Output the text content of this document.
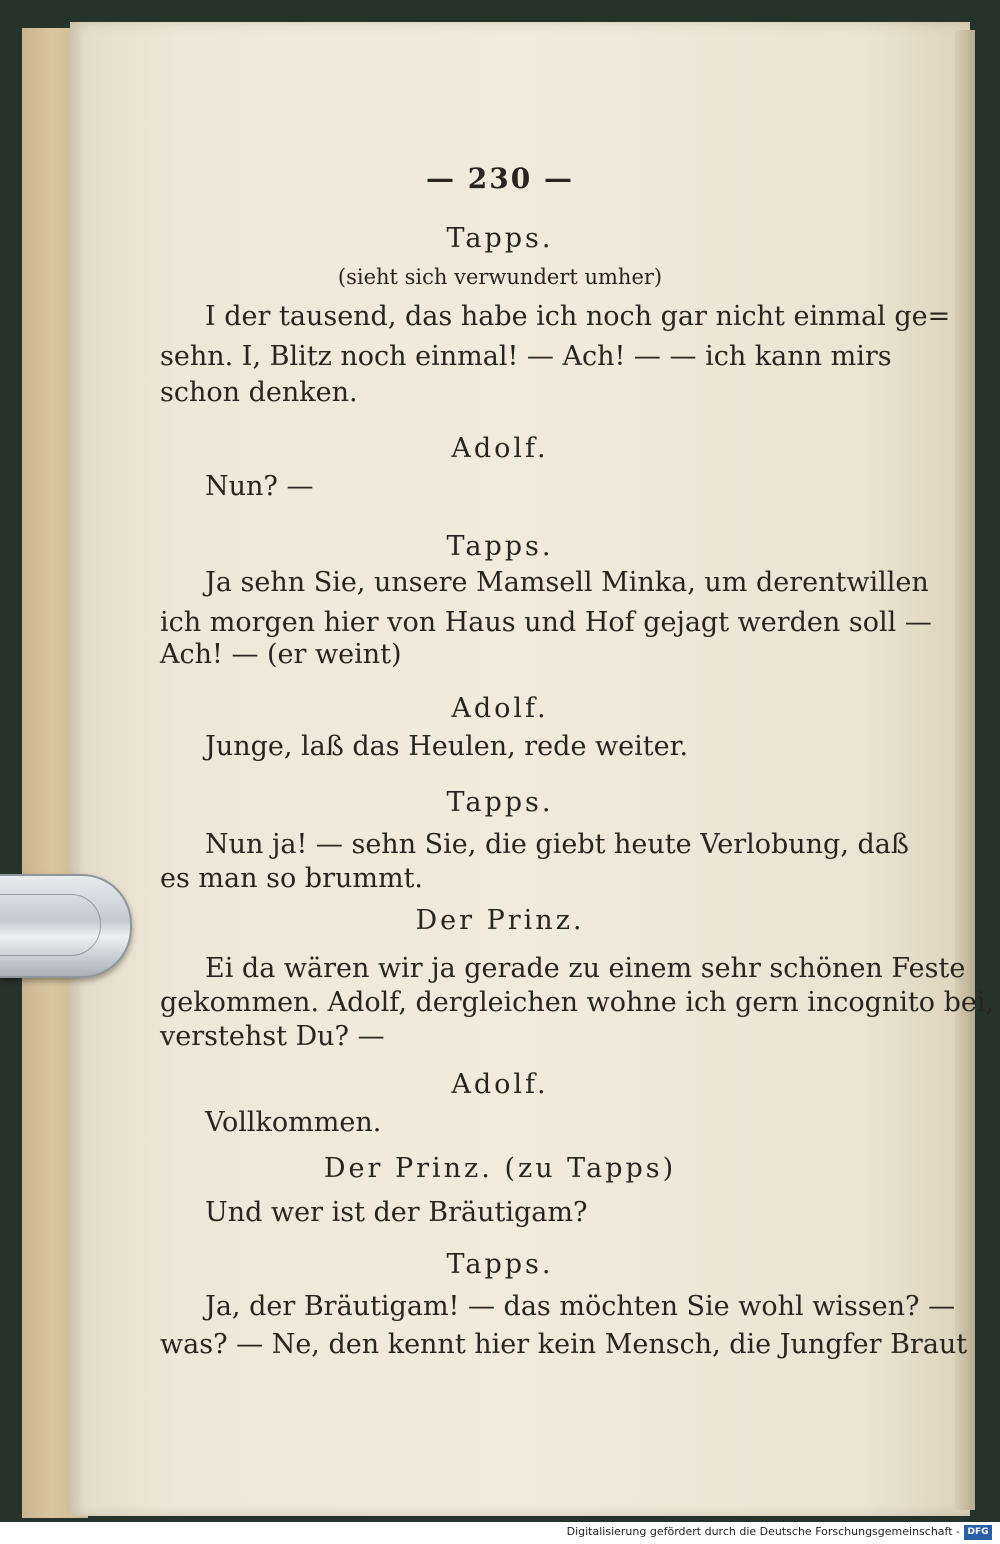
— 230 —
Tapps.
(sieht sich verwundert umher)
I der tausend, das habe ich noch gar nicht einmal ge=
sehn. I, Blitz noch einmal! — Ach! — — ich kann mirs
schon denken.
Adolf.
Nun? —
Tapps.
Ja sehn Sie, unsere Mamsell Minka, um derentwillen
ich morgen hier von Haus und Hof gejagt werden soll —
Ach! — (er weint)
Adolf.
Junge, laß das Heulen, rede weiter.
Tapps.
Nun ja! — sehn Sie, die giebt heute Verlobung, daß
es man so brummt.
Der Prinz.
Ei da wären wir ja gerade zu einem sehr schönen Feste
gekommen. Adolf, dergleichen wohne ich gern incognito bei,
verstehst Du? —
Adolf.
Vollkommen.
Der Prinz. (zu Tapps)
Und wer ist der Bräutigam?
Tapps.
Ja, der Bräutigam! — das möchten Sie wohl wissen? —
was? — Ne, den kennt hier kein Mensch, die Jungfer Braut
Digitalisierung gefördert durch die Deutsche Forschungsgemeinschaft - DFG
